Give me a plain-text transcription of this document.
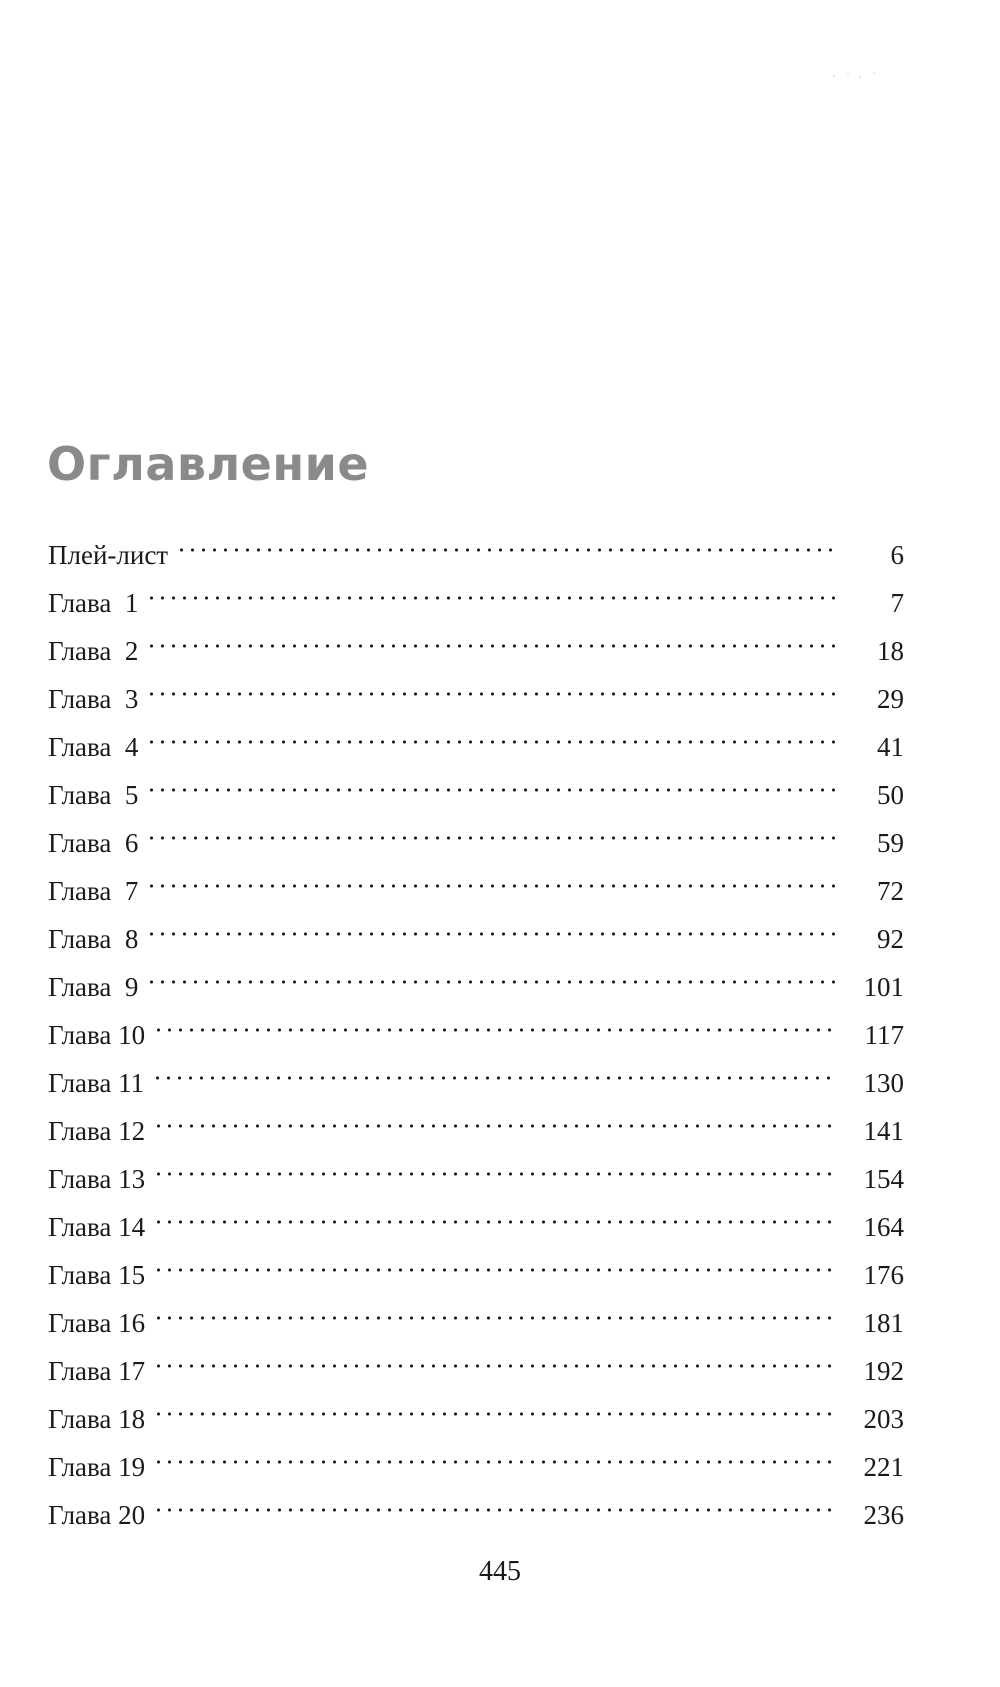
Оглавление
Плей-лист	6
Глава  1	7
Глава  2	18
Глава  3	29
Глава  4	41
Глава  5	50
Глава  6	59
Глава  7	72
Глава  8	92
Глава  9	101
Глава 10	117
Глава 11	130
Глава 12	141
Глава 13	154
Глава 14	164
Глава 15	176
Глава 16	181
Глава 17	192
Глава 18	203
Глава 19	221
Глава 20	236
445
